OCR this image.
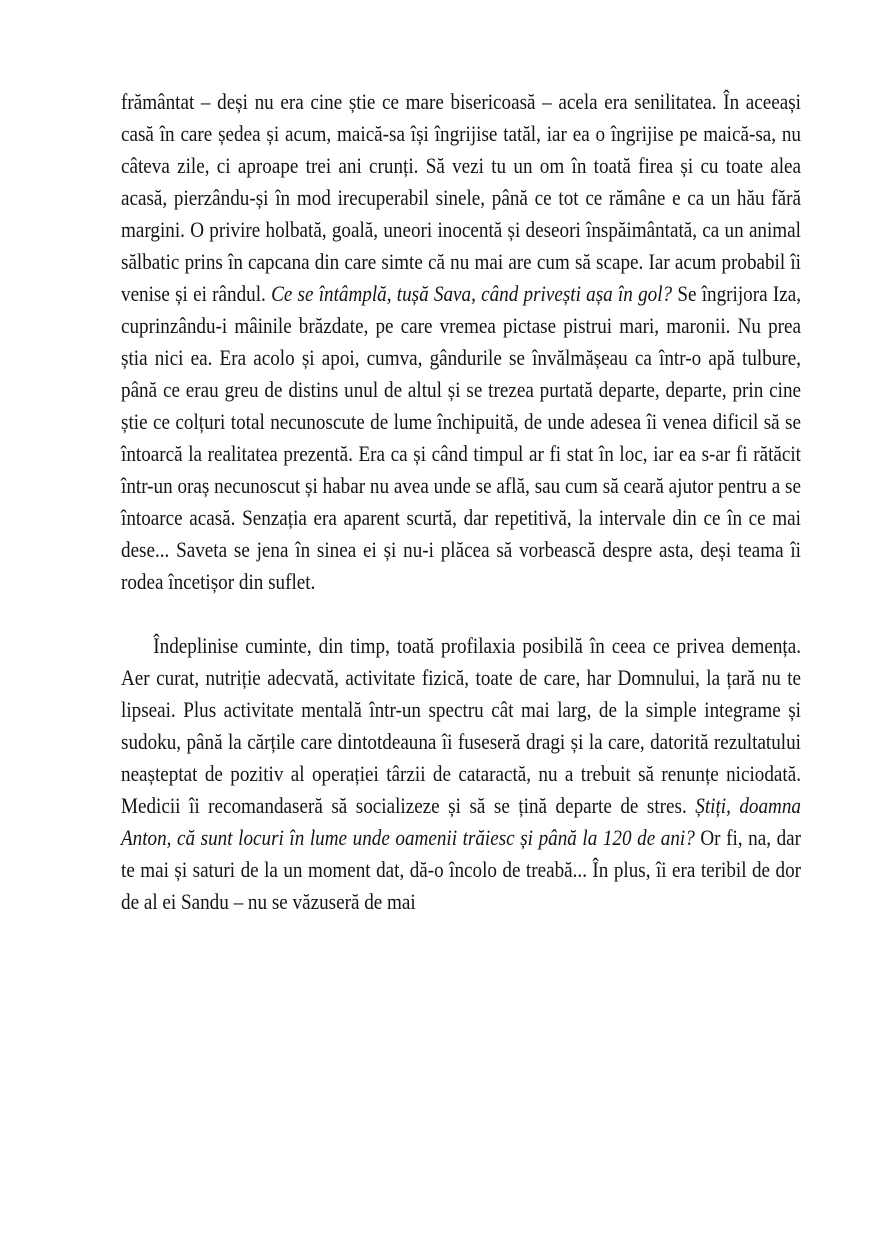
frământat – deși nu era cine știe ce mare bisericoasă – acela era senilitatea. În aceeași casă în care ședea și acum, maică-sa își îngrijise tatăl, iar ea o îngrijise pe maică-sa, nu câteva zile, ci aproape trei ani crunți. Să vezi tu un om în toată firea și cu toate alea acasă, pierzându-și în mod irecuperabil sinele, până ce tot ce rămâne e ca un hău fără margini. O privire holbată, goală, uneori inocentă și deseori înspăimântată, ca un animal sălbatic prins în capcana din care simte că nu mai are cum să scape. Iar acum probabil îi venise și ei rândul. Ce se întâmplă, tușă Sava, când privești așa în gol? Se îngrijora Iza, cuprinzându-i mâinile brăzdate, pe care vremea pictase pistrui mari, maronii. Nu prea știa nici ea. Era acolo și apoi, cumva, gândurile se învălmășeau ca într-o apă tulbure, până ce erau greu de distins unul de altul și se trezea purtată departe, departe, prin cine știe ce colțuri total necunoscute de lume închipuită, de unde adesea îi venea dificil să se întoarcă la realitatea prezentă. Era ca și când timpul ar fi stat în loc, iar ea s-ar fi rătăcit într-un oraș necunoscut și habar nu avea unde se află, sau cum să ceară ajutor pentru a se întoarce acasă. Senzația era aparent scurtă, dar repetitivă, la intervale din ce în ce mai dese... Saveta se jena în sinea ei și nu-i plăcea să vorbească despre asta, deși teama îi rodea încetișor din suflet.

Îndeplinise cuminte, din timp, toată profilaxia posibilă în ceea ce privea demența. Aer curat, nutriție adecvată, activitate fizică, toate de care, har Domnului, la țară nu te lipseai. Plus activitate mentală într-un spectru cât mai larg, de la simple integrame și sudoku, până la cărțile care dintotdeauna îi fuseseră dragi și la care, datorită rezultatului neașteptat de pozitiv al operației târzii de cataractă, nu a trebuit să renunțe niciodată. Medicii îi recomandaseră să socializeze și să se țină departe de stres. Știți, doamna Anton, că sunt locuri în lume unde oamenii trăiesc și până la 120 de ani? Or fi, na, dar te mai și saturi de la un moment dat, dă-o încolo de treabă... În plus, îi era teribil de dor de al ei Sandu – nu se văzuseră de mai
